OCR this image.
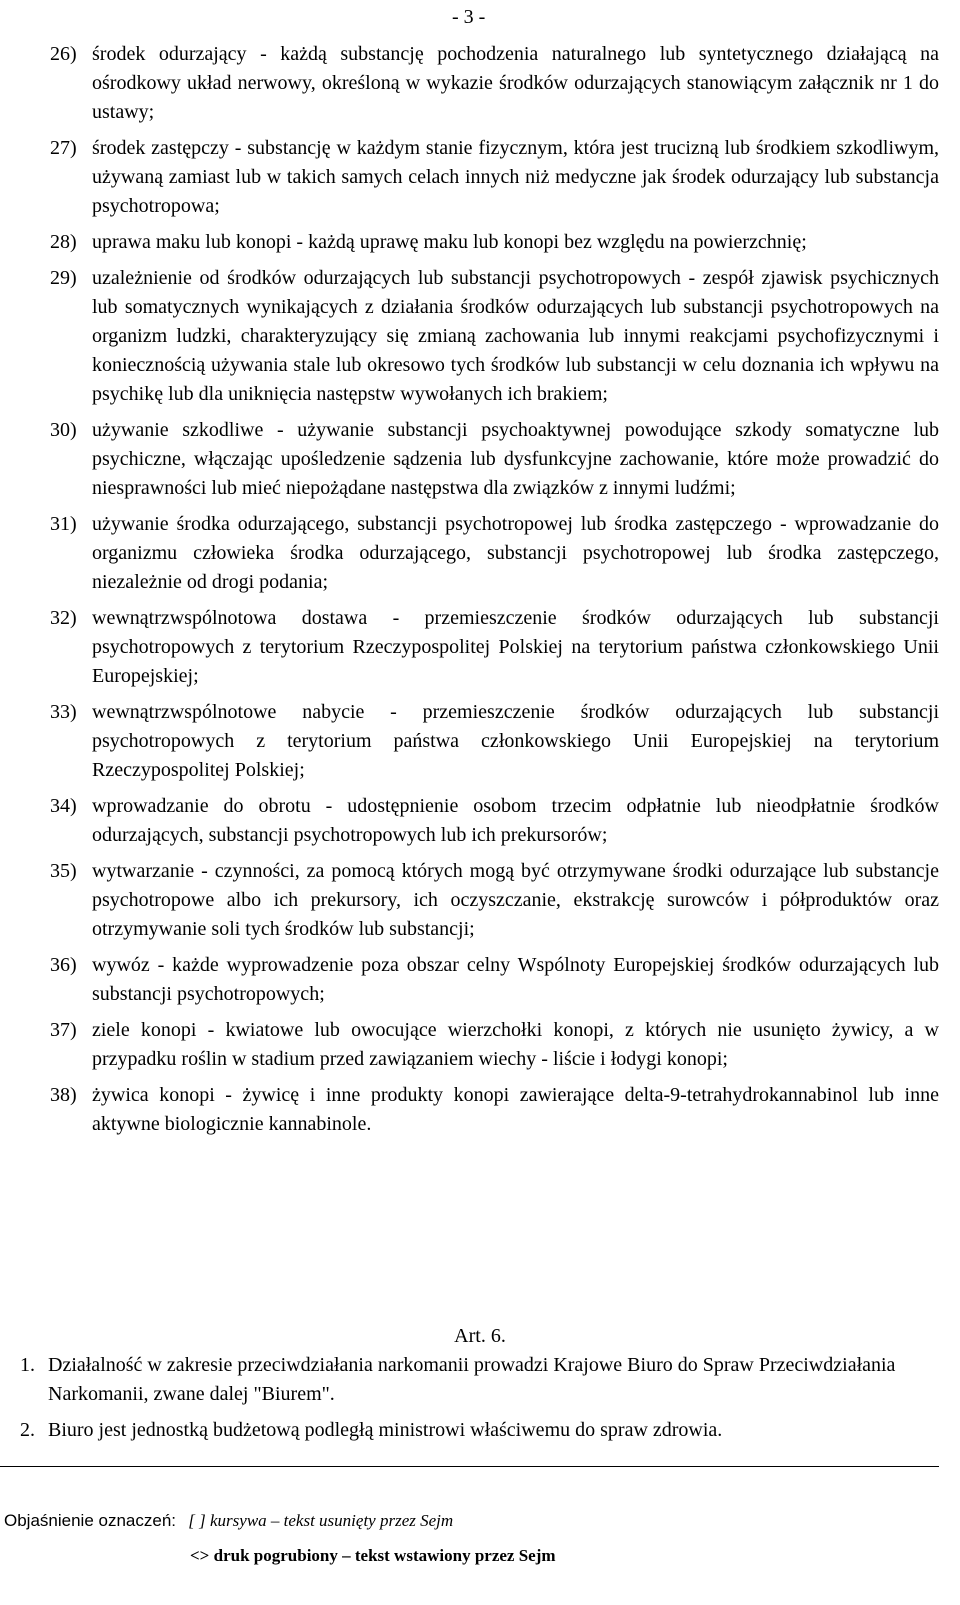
- 3 -
26) środek odurzający - każdą substancję pochodzenia naturalnego lub syntetycznego działającą na ośrodkowy układ nerwowy, określoną w wykazie środków odurzających stanowiącym załącznik nr 1 do ustawy;
27) środek zastępczy - substancję w każdym stanie fizycznym, która jest trucizną lub środkiem szkodliwym, używaną zamiast lub w takich samych celach innych niż medyczne jak środek odurzający lub substancja psychotropowa;
28) uprawa maku lub konopi - każdą uprawę maku lub konopi bez względu na powierzchnię;
29) uzależnienie od środków odurzających lub substancji psychotropowych - zespół zjawisk psychicznych lub somatycznych wynikających z działania środków odurzających lub substancji psychotropowych na organizm ludzki, charakteryzujący się zmianą zachowania lub innymi reakcjami psychofizycznymi i koniecznością używania stale lub okresowo tych środków lub substancji w celu doznania ich wpływu na psychikę lub dla uniknięcia następstw wywołanych ich brakiem;
30) używanie szkodliwe - używanie substancji psychoaktywnej powodujące szkody somatyczne lub psychiczne, włączając upośledzenie sądzenia lub dysfunkcyjne zachowanie, które może prowadzić do niesprawności lub mieć niepożądane następstwa dla związków z innymi ludźmi;
31) używanie środka odurzającego, substancji psychotropowej lub środka zastępczego - wprowadzanie do organizmu człowieka środka odurzającego, substancji psychotropowej lub środka zastępczego, niezależnie od drogi podania;
32) wewnątrzwspólnotowa dostawa - przemieszczenie środków odurzających lub substancji psychotropowych z terytorium Rzeczypospolitej Polskiej na terytorium państwa członkowskiego Unii Europejskiej;
33) wewnątrzwspólnotowe nabycie - przemieszczenie środków odurzających lub substancji psychotropowych z terytorium państwa członkowskiego Unii Europejskiej na terytorium Rzeczypospolitej Polskiej;
34) wprowadzanie do obrotu - udostępnienie osobom trzecim odpłatnie lub nieodpłatnie środków odurzających, substancji psychotropowych lub ich prekursorów;
35) wytwarzanie - czynności, za pomocą których mogą być otrzymywane środki odurzające lub substancje psychotropowe albo ich prekursory, ich oczyszczanie, ekstrakcję surowców i półproduktów oraz otrzymywanie soli tych środków lub substancji;
36) wywóz - każde wyprowadzenie poza obszar celny Wspólnoty Europejskiej środków odurzających lub substancji psychotropowych;
37) ziele konopi - kwiatowe lub owocujące wierzchołki konopi, z których nie usunięto żywicy, a w przypadku roślin w stadium przed zawiązaniem wiechy - liście i łodygi konopi;
38) żywica konopi - żywicę i inne produkty konopi zawierające delta-9-tetrahydrokannabinol lub inne aktywne biologicznie kannabinole.
Art. 6.
1. Działalność w zakresie przeciwdziałania narkomanii prowadzi Krajowe Biuro do Spraw Przeciwdziałania Narkomanii, zwane dalej "Biurem".
2. Biuro jest jednostką budżetową podległą ministrowi właściwemu do spraw zdrowia.
Objaśnienie oznaczeń: [ ] kursywa – tekst usunięty przez Sejm
<> druk pogrubiony – tekst wstawiony przez Sejm
